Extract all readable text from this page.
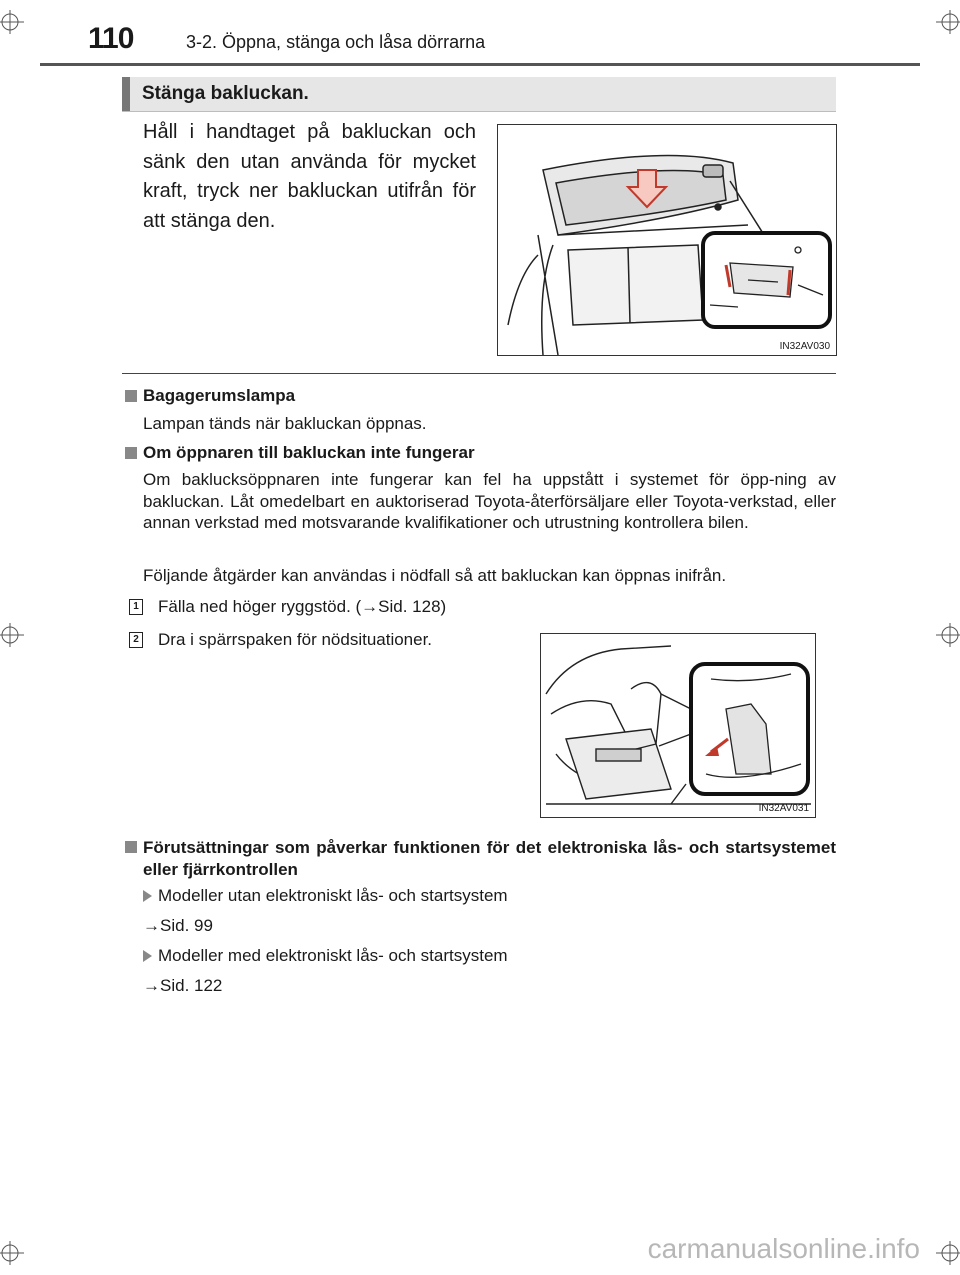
110	3-2. Öppna, stänga och låsa dörrarna
Stänga bakluckan.
Håll i handtaget på bakluckan och sänk den utan använda för mycket kraft, tryck ner bakluckan utifrån för att stänga den.
IN32AV030
Bagagerumslampa
Lampan tänds när bakluckan öppnas.
Om öppnaren till bakluckan inte fungerar
Om baklucksöppnaren inte fungerar kan fel ha uppstått i systemet för öpp-ning av bakluckan. Låt omedelbart en auktoriserad Toyota-återförsäljare eller Toyota-verkstad, eller annan verkstad med motsvarande kvalifikationer och utrustning kontrollera bilen.
Följande åtgärder kan användas i nödfall så att bakluckan kan öppnas inifrån.
1 Fälla ned höger ryggstöd. (→Sid. 128)
2 Dra i spärrspaken för nödsituationer.
IN32AV031
Förutsättningar som påverkar funktionen för det elektroniska lås- och startsystemet eller fjärrkontrollen
Modeller utan elektroniskt lås- och startsystem
→Sid. 99
Modeller med elektroniskt lås- och startsystem
→Sid. 122
carmanualsonline.info
